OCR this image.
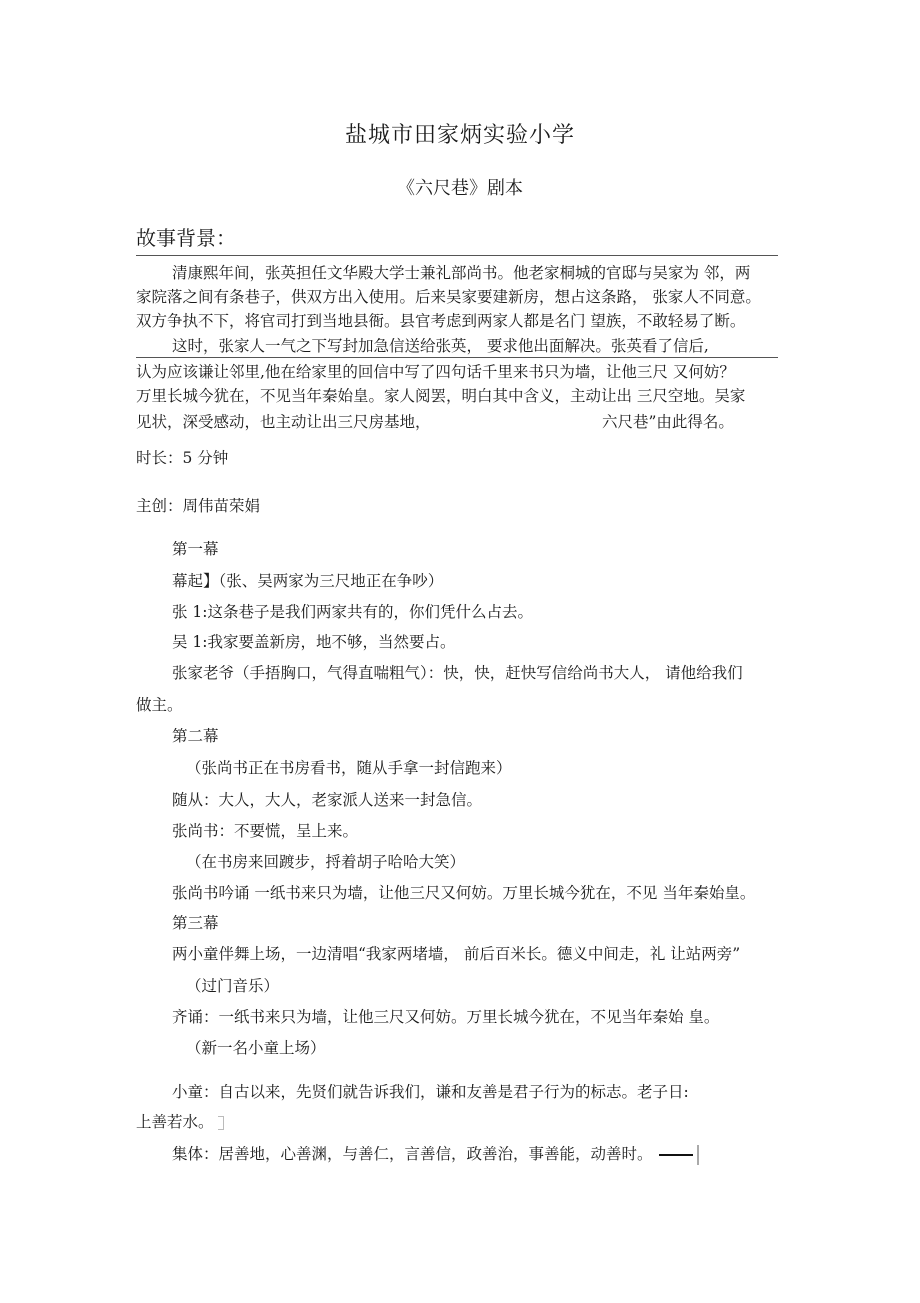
盐城市田家炳实验小学
《六尺巷》剧本
故事背景：
清康熙年间，张英担任文华殿大学士兼礼部尚书。他老家桐城的官邸与吴家为 邻，两
家院落之间有条巷子，供双方出入使用。后来吴家要建新房，想占这条路， 张家人不同意。
双方争执不下，将官司打到当地县衙。县官考虑到两家人都是名门 望族，不敢轻易了断。
这时，张家人一气之下写封加急信送给张英， 要求他出面解决。张英看了信后,
认为应该谦让邻里,他在给家里的回信中写了四句话千里来书只为墙，让他三尺 又何妨？
万里长城今犹在，不见当年秦始皇。家人阅罢，明白其中含义，主动让出 三尺空地。吴家
见状，深受感动，也主动让出三尺房基地，	六尺巷”由此得名。
时长：5 分钟
主创：周伟苗荣娟
第一幕
幕起】（张、吴两家为三尺地正在争吵）
张 1:这条巷子是我们两家共有的，你们凭什么占去。
吴 1:我家要盖新房，地不够，当然要占。
张家老爷（手捂胸口，气得直喘粗气）：快，快，赶快写信给尚书大人， 请他给我们
做主。
第二幕
（张尚书正在书房看书，随从手拿一封信跑来）
随从：大人，大人，老家派人送来一封急信。
张尚书：不要慌，呈上来。
（在书房来回踱步，捋着胡子哈哈大笑）
张尚书吟诵 一纸书来只为墙，让他三尺又何妨。万里长城今犹在，不见 当年秦始皇。
第三幕
两小童伴舞上场，一边清唱“我家两堵墙， 前后百米长。德义中间走，礼 让站两旁”
（过门音乐）
齐诵：一纸书来只为墙，让他三尺又何妨。万里长城今犹在，不见当年秦始 皇。
（新一名小童上场）
小童：自古以来，先贤们就告诉我们，谦和友善是君子行为的标志。老子日:
上善若水。
集体：居善地，心善渊，与善仁，言善信，政善治，事善能，动善时。
